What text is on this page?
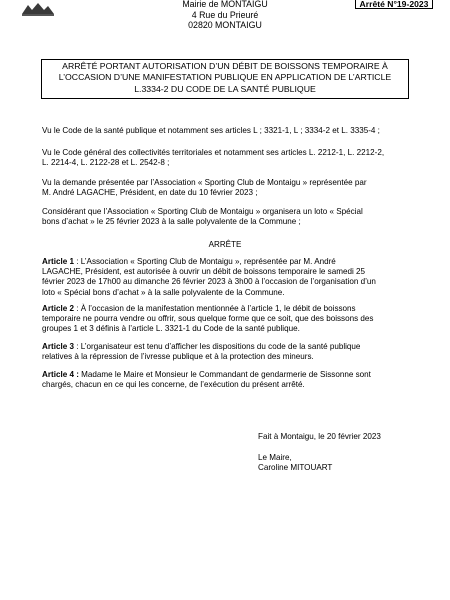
Mairie de MONTAIGU
4 Rue du Prieuré
02820 MONTAIGU
Arrêté N°19-2023
ARRÊTÉ PORTANT AUTORISATION D’UN DÉBIT DE BOISSONS TEMPORAIRE À
L’OCCASION D’UNE MANIFESTATION PUBLIQUE EN APPLICATION DE L’ARTICLE
L.3334-2 DU CODE DE LA SANTÉ PUBLIQUE
Vu le Code de la santé publique et notamment ses articles L ; 3321-1, L ; 3334-2 et L. 3335-4 ;
Vu le Code général des collectivités territoriales et notamment ses articles L. 2212-1, L. 2212-2,
L. 2214-4, L. 2122-28 et L. 2542-8 ;
Vu la demande présentée par l’Association « Sporting Club de Montaigu » représentée par
M. André LAGACHE, Président, en date du 10 février 2023 ;
Considérant que l’Association « Sporting Club de Montaigu » organisera un loto « Spécial
bons d’achat » le 25 février 2023 à la salle polyvalente de la Commune ;
ARRÊTE
Article 1 : L’Association « Sporting Club de Montaigu », représentée par M. André
LAGACHE, Président, est autorisée à ouvrir un débit de boissons temporaire le samedi 25
février 2023 de 17h00 au dimanche 26 février 2023 à 3h00 à l’occasion de l’organisation d’un
loto « Spécial bons d’achat » à la salle polyvalente de la Commune.
Article 2 : À l’occasion de la manifestation mentionnée à l’article 1, le débit de boissons
temporaire ne pourra vendre ou offrir, sous quelque forme que ce soit, que des boissons des
groupes 1 et 3 définis à l’article L. 3321-1 du Code de la santé publique.
Article 3 : L’organisateur est tenu d’afficher les dispositions du code de la santé publique
relatives à la répression de l’ivresse publique et à la protection des mineurs.
Article 4 : Madame le Maire et Monsieur le Commandant de gendarmerie de Sissonne sont
chargés, chacun en ce qui les concerne, de l’exécution du présent arrêté.
Fait à Montaigu, le 20 février 2023
Le Maire,
Caroline MITOUART
